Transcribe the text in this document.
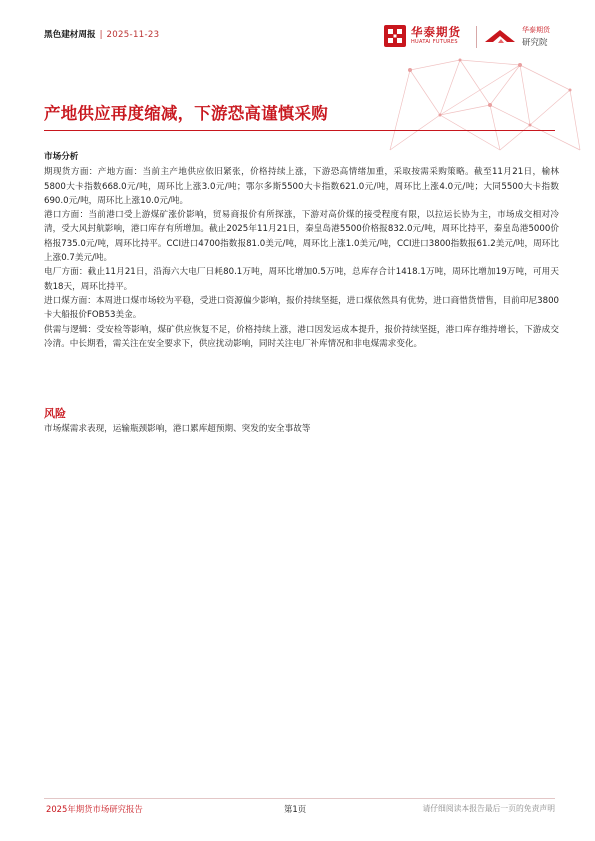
黑色建材周报 | 2025-11-23	华泰期货
HUATAI FUTURES
华泰期货
研究院
产地供应再度缩减，下游恐高谨慎采购

市场分析

期现货方面：产地方面：当前主产地供应依旧紧张，价格持续上涨，下游恐高情绪加重，采取按需采购策略。截至11月21日，榆林5800大卡指数668.0元/吨，周环比上涨3.0元/吨；鄂尔多斯5500大卡指数621.0元/吨，周环比上涨4.0元/吨；大同5500大卡指数690.0元/吨，周环比上涨10.0元/吨。

港口方面：当前港口受上游煤矿涨价影响，贸易商报价有所探涨，下游对高价煤的接受程度有限，以拉运长协为主，市场成交相对冷清，受大风封航影响，港口库存有所增加。截止2025年11月21日，秦皇岛港5500价格报832.0元/吨，周环比持平，秦皇岛港5000价格报735.0元/吨，周环比持平。CCI进口4700指数报81.0美元/吨，周环比上涨1.0美元/吨，CCI进口3800指数报61.2美元/吨，周环比上涨0.7美元/吨。

电厂方面：截止11月21日，沿海六大电厂日耗80.1万吨，周环比增加0.5万吨，总库存合计1418.1万吨，周环比增加19万吨，可用天数18天，周环比持平。

进口煤方面：本周进口煤市场较为平稳，受进口资源偏少影响，报价持续坚挺，进口煤依然具有优势，进口商惜货惜售，目前印尼3800卡大船报价FOB53美金。

供需与逻辑：受安检等影响，煤矿供应恢复不足，价格持续上涨，港口因发运成本提升，报价持续坚挺，港口库存维持增长，下游成交冷清。中长期看，需关注在安全要求下，供应扰动影响，同时关注电厂补库情况和非电煤需求变化。

风险
市场煤需求表现，运输瓶颈影响，港口累库超预期、突发的安全事故等
2025年期货市场研究报告	第1页	请仔细阅读本报告最后一页的免责声明
